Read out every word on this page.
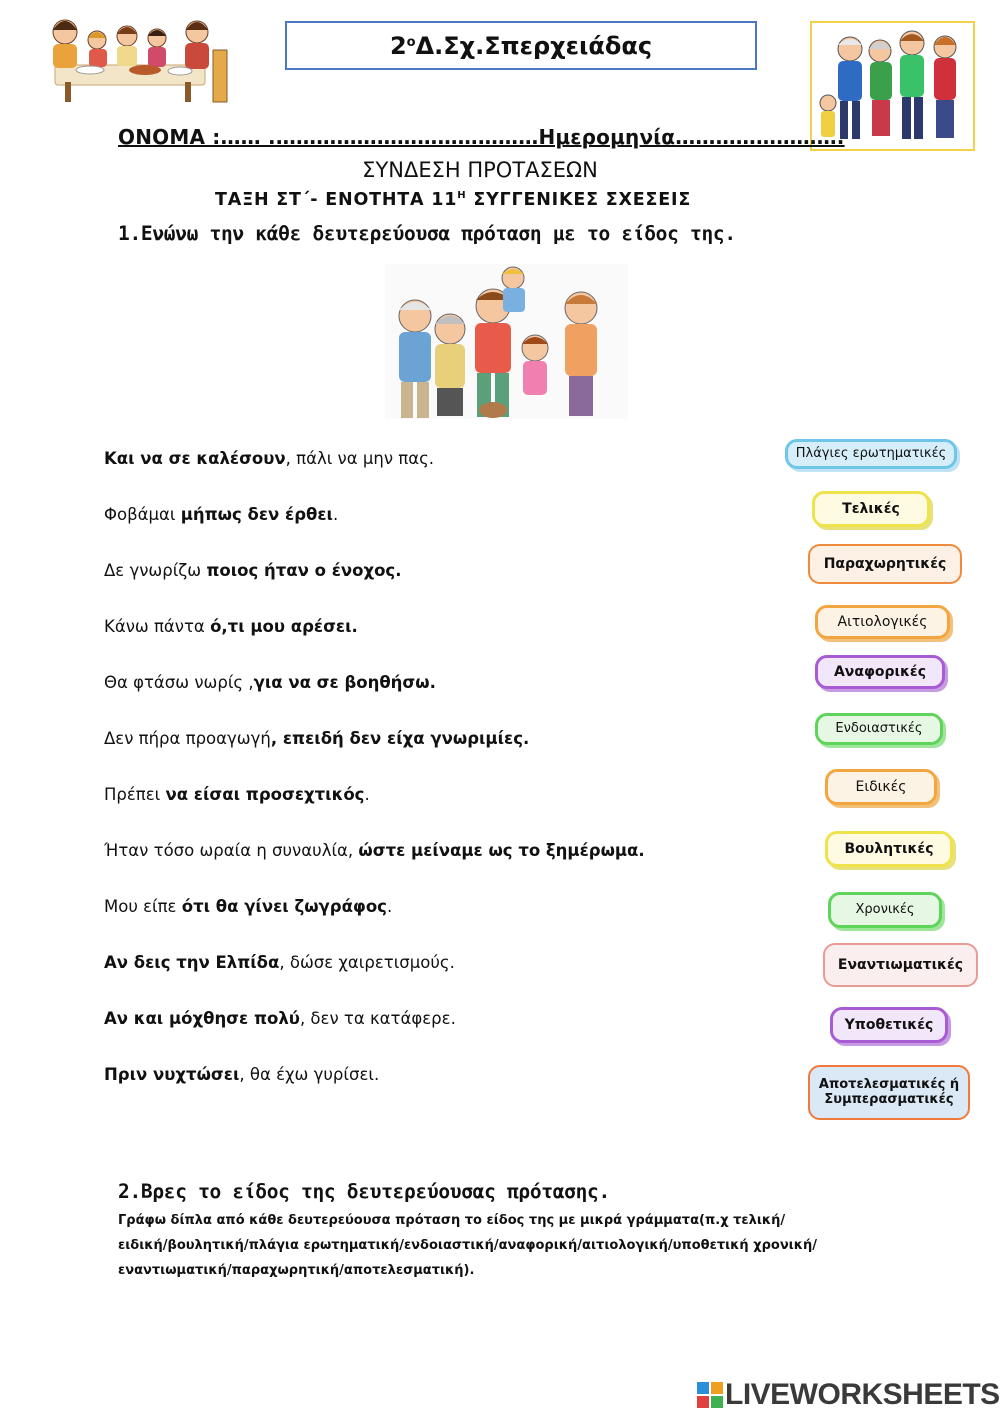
$2^o$ Δ.Σχ.Σπερχειάδας
ΟΝΟΜΑ :…… .…………………………………Ημερομηνία…………………….
ΣΥΝΔΕΣΗ ΠΡΟΤΑΣΕΩΝ
ΤΑΞΗ ΣΤ΄- ΕΝΟΤΗΤΑ $11^H$ ΣΥΓΓΕΝΙΚΕΣ ΣΧΕΣΕΙΣ
1.Ενώνω την κάθε δευτερεύουσα πρόταση με το είδος της.
Και να σε καλέσουν, πάλι να μην πας.
Φοβάμαι μήπως δεν έρθει.
Δε γνωρίζω ποιος ήταν ο ένοχος.
Κάνω πάντα ό,τι μου αρέσει.
Θα φτάσω νωρίς ,για να σε βοηθήσω.
Δεν πήρα προαγωγή, επειδή δεν είχα γνωριμίες.
Πρέπει να είσαι προσεχτικός.
Ήταν τόσο ωραία η συναυλία, ώστε μείναμε ως το ξημέρωμα.
Μου είπε ότι θα γίνει ζωγράφος.
Αν δεις την Ελπίδα, δώσε χαιρετισμούς.
Αν και μόχθησε πολύ, δεν τα κατάφερε.
Πριν νυχτώσει, θα έχω γυρίσει.
Πλάγιες ερωτηματικές
Τελικές
Παραχωρητικές
Αιτιολογικές
Αναφορικές
Ενδοιαστικές
Ειδικές
Βουλητικές
Χρονικές
Εναντιωματικές
Υποθετικές
Αποτελεσματικές ή Συμπερασματικές
2.Βρες το είδος της δευτερεύουσας πρότασης.
Γράφω δίπλα από κάθε δευτερεύουσα πρόταση το είδος της με μικρά γράμματα(π.χ τελική/ ειδική/βουλητική/πλάγια ερωτηματική/ενδοιαστική/αναφορική/αιτιολογική/υποθετική χρονική/εναντιωματική/παραχωρητική/αποτελεσματική).
LIVEWORKSHEETS
